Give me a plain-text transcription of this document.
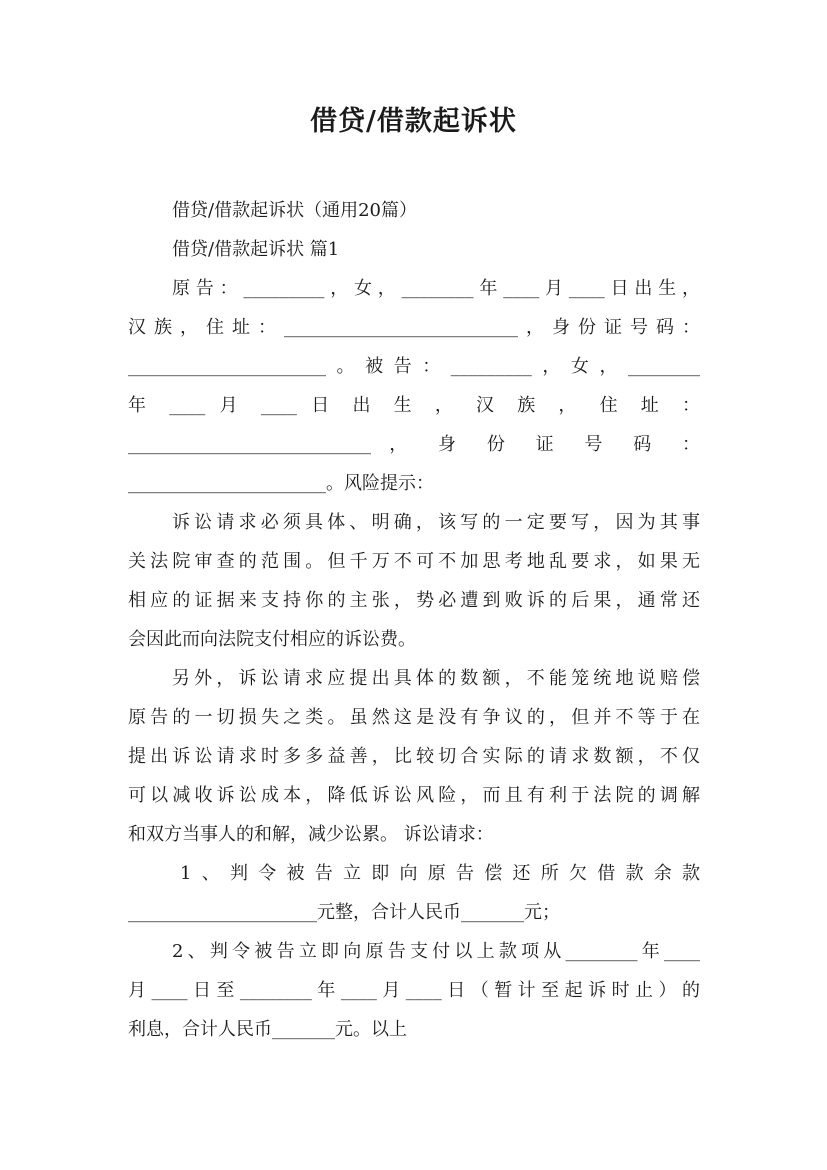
借贷/借款起诉状
借贷/借款起诉状（通用20篇）
借贷/借款起诉状 篇1
原告：_________，女，________年____月____日出生，
汉族，住址：__________________________，身份证号码：
______________________。被告：_________，女，________
年 ____ 月 ____ 日 出 生 ， 汉 族 ， 住 址 ：
___________________________ ， 身 份 证 号 码 ：
______________________。风险提示：
诉讼请求必须具体、明确，该写的一定要写，因为其事
关法院审查的范围。但千万不可不加思考地乱要求，如果无
相应的证据来支持你的主张，势必遭到败诉的后果，通常还
会因此而向法院支付相应的诉讼费。
另外，诉讼请求应提出具体的数额，不能笼统地说赔偿
原告的一切损失之类。虽然这是没有争议的，但并不等于在
提出诉讼请求时多多益善，比较切合实际的请求数额，不仅
可以减收诉讼成本，降低诉讼风险，而且有利于法院的调解
和双方当事人的和解，减少讼累。 诉讼请求：
1、判令被告立即向原告偿还所欠借款余款
_____________________元整，合计人民币_______元；
2、判令被告立即向原告支付以上款项从________年____
月____日至________年____月____日（暂计至起诉时止）的
利息，合计人民币_______元。以上
